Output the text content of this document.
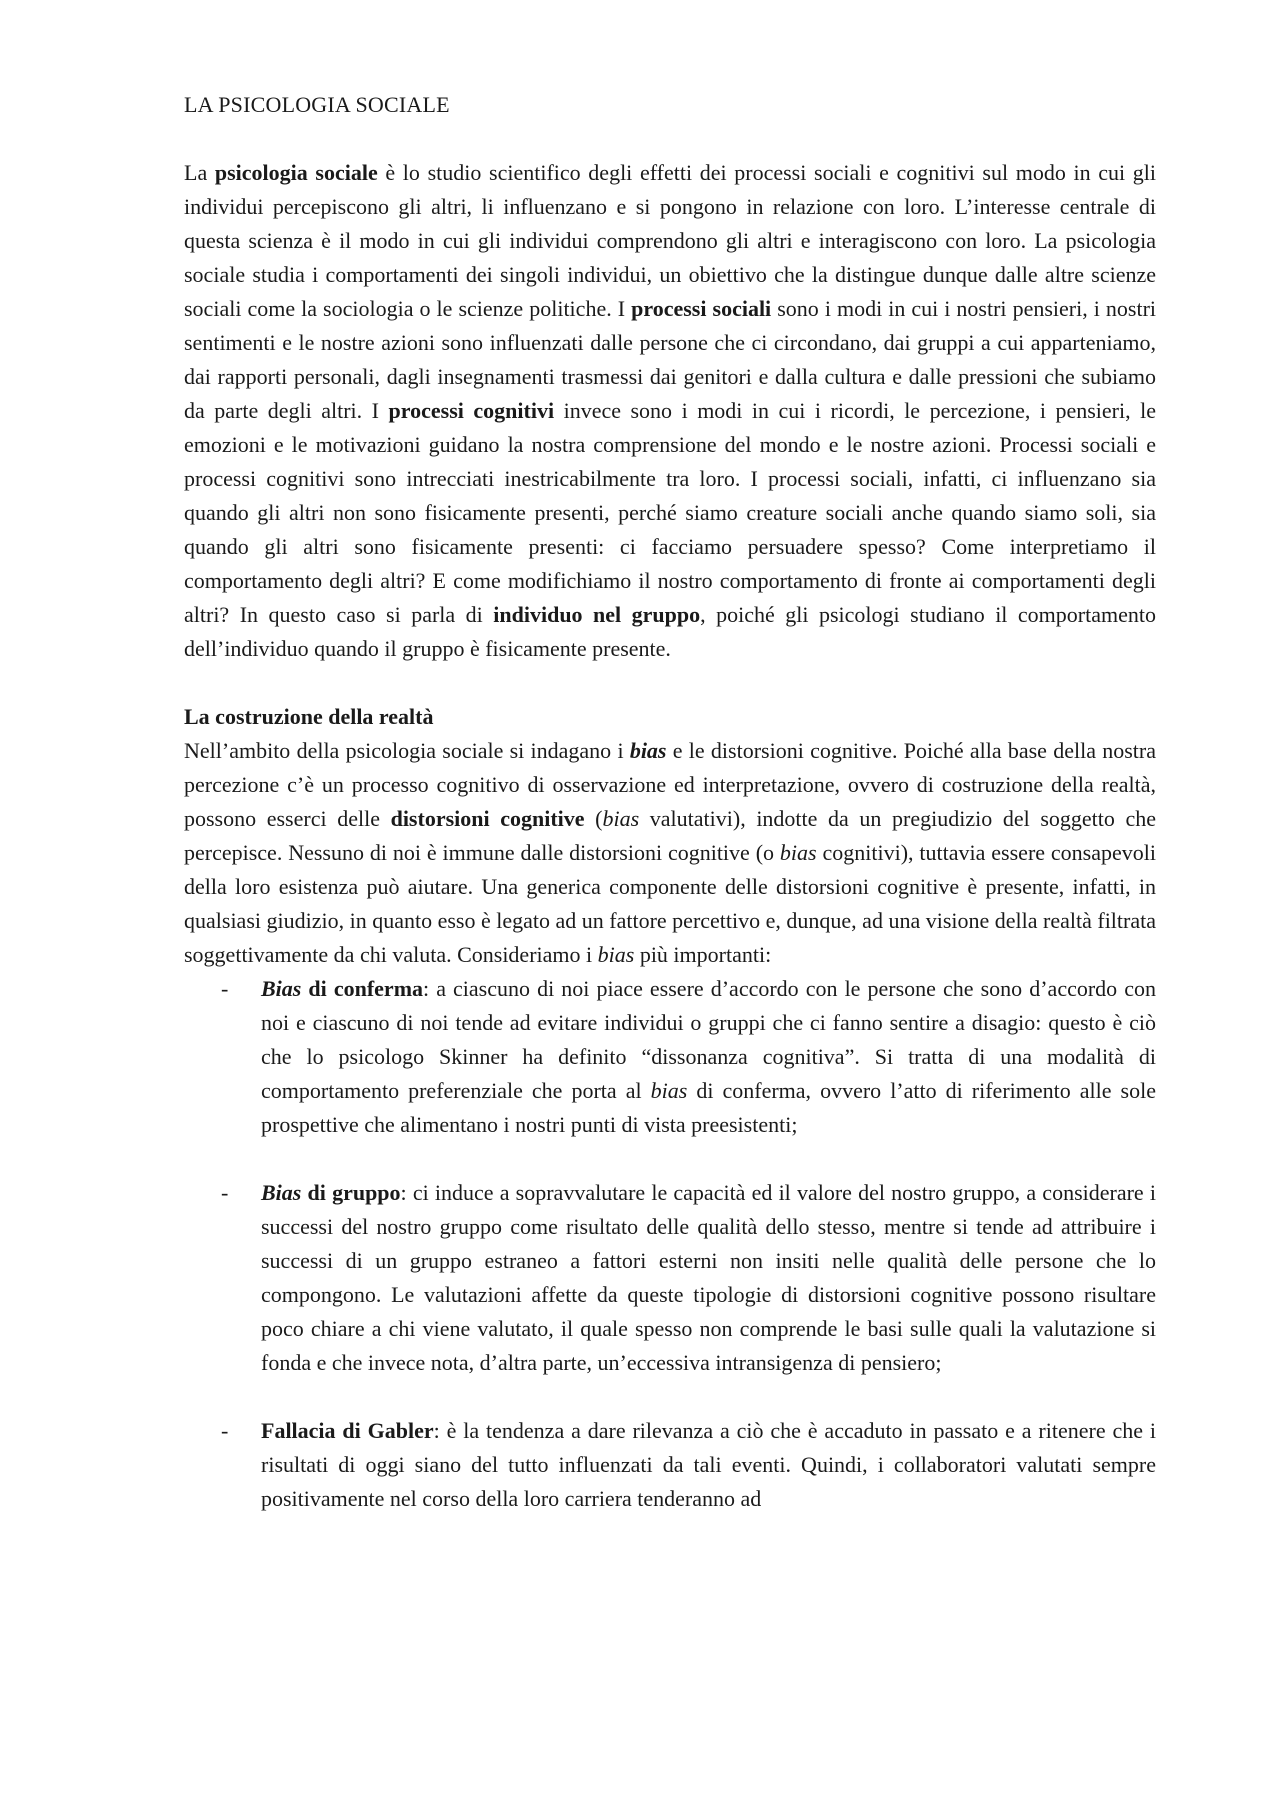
LA PSICOLOGIA SOCIALE

La psicologia sociale è lo studio scientifico degli effetti dei processi sociali e cognitivi sul modo in cui gli individui percepiscono gli altri, li influenzano e si pongono in relazione con loro. L’interesse centrale di questa scienza è il modo in cui gli individui comprendono gli altri e interagiscono con loro. La psicologia sociale studia i comportamenti dei singoli individui, un obiettivo che la distingue dunque dalle altre scienze sociali come la sociologia o le scienze politiche. I processi sociali sono i modi in cui i nostri pensieri, i nostri sentimenti e le nostre azioni sono influenzati dalle persone che ci circondano, dai gruppi a cui apparteniamo, dai rapporti personali, dagli insegnamenti trasmessi dai genitori e dalla cultura e dalle pressioni che subiamo da parte degli altri. I processi cognitivi invece sono i modi in cui i ricordi, le percezione, i pensieri, le emozioni e le motivazioni guidano la nostra comprensione del mondo e le nostre azioni. Processi sociali e processi cognitivi sono intrecciati inestricabilmente tra loro. I processi sociali, infatti, ci influenzano sia quando gli altri non sono fisicamente presenti, perché siamo creature sociali anche quando siamo soli, sia quando gli altri sono fisicamente presenti: ci facciamo persuadere spesso? Come interpretiamo il comportamento degli altri? E come modifichiamo il nostro comportamento di fronte ai comportamenti degli altri? In questo caso si parla di individuo nel gruppo, poiché gli psicologi studiano il comportamento dell’individuo quando il gruppo è fisicamente presente.

La costruzione della realtà

Nell’ambito della psicologia sociale si indagano i bias e le distorsioni cognitive. Poiché alla base della nostra percezione c’è un processo cognitivo di osservazione ed interpretazione, ovvero di costruzione della realtà, possono esserci delle distorsioni cognitive (bias valutativi), indotte da un pregiudizio del soggetto che percepisce. Nessuno di noi è immune dalle distorsioni cognitive (o bias cognitivi), tuttavia essere consapevoli della loro esistenza può aiutare. Una generica componente delle distorsioni cognitive è presente, infatti, in qualsiasi giudizio, in quanto esso è legato ad un fattore percettivo e, dunque, ad una visione della realtà filtrata soggettivamente da chi valuta. Consideriamo i bias più importanti:

- Bias di conferma: a ciascuno di noi piace essere d’accordo con le persone che sono d’accordo con noi e ciascuno di noi tende ad evitare individui o gruppi che ci fanno sentire a disagio: questo è ciò che lo psicologo Skinner ha definito “dissonanza cognitiva”. Si tratta di una modalità di comportamento preferenziale che porta al bias di conferma, ovvero l’atto di riferimento alle sole prospettive che alimentano i nostri punti di vista preesistenti;
- Bias di gruppo: ci induce a sopravvalutare le capacità ed il valore del nostro gruppo, a considerare i successi del nostro gruppo come risultato delle qualità dello stesso, mentre si tende ad attribuire i successi di un gruppo estraneo a fattori esterni non insiti nelle qualità delle persone che lo compongono. Le valutazioni affette da queste tipologie di distorsioni cognitive possono risultare poco chiare a chi viene valutato, il quale spesso non comprende le basi sulle quali la valutazione si fonda e che invece nota, d’altra parte, un’eccessiva intransigenza di pensiero;
- Fallacia di Gabler: è la tendenza a dare rilevanza a ciò che è accaduto in passato e a ritenere che i risultati di oggi siano del tutto influenzati da tali eventi. Quindi, i collaboratori valutati sempre positivamente nel corso della loro carriera tenderanno ad
